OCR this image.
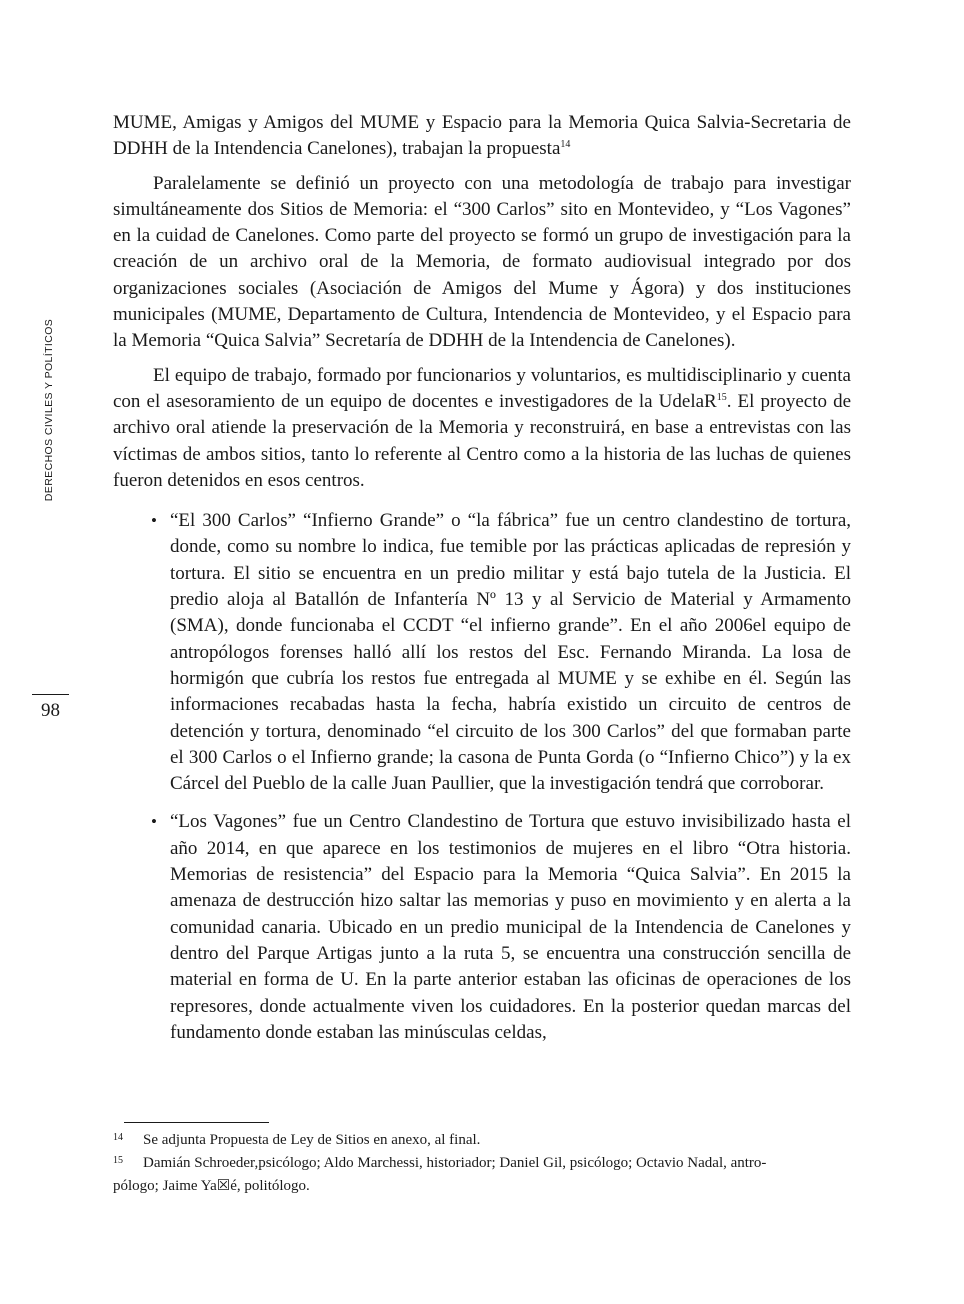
DERECHOS CIVILES Y POLÍTICOS
98

MUME, Amigas y Amigos del MUME y Espacio para la Memoria Quica Salvia-Secretaria de DDHH de la Intendencia Canelones), trabajan la propuesta$^{14}$

Paralelamente se definió un proyecto con una metodología de trabajo para investigar simultáneamente dos Sitios de Memoria: el “300 Carlos” sito en Montevideo, y “Los Vagones” en la cuidad de Canelones. Como parte del proyecto se formó un grupo de investigación para la creación de un archivo oral de la Memoria, de formato audiovisual integrado por dos organizaciones sociales (Asociación de Amigos del Mume y Ágora) y dos instituciones municipales (MUME, Departamento de Cultura, Intendencia de Montevideo, y el Espacio para la Memoria “Quica Salvia” Secretaría de DDHH de la Intendencia de Canelones).

El equipo de trabajo, formado por funcionarios y voluntarios, es multidisciplinario y cuenta con el asesoramiento de un equipo de docentes e investigadores de la UdelaR$^{15}$. El proyecto de archivo oral atiende la preservación de la Memoria y reconstruirá, en base a entrevistas con las víctimas de ambos sitios, tanto lo referente al Centro como a la historia de las luchas de quienes fueron detenidos en esos centros.

• “El 300 Carlos” “Infierno Grande” o “la fábrica” fue un centro clandestino de tortura, donde, como su nombre lo indica, fue temible por las prácticas aplicadas de represión y tortura. El sitio se encuentra en un predio militar y está bajo tutela de la Justicia. El predio aloja al Batallón de Infantería Nº 13 y al Servicio de Material y Armamento (SMA), donde funcionaba el CCDT “el infierno grande”. En el año 2006el equipo de antropólogos forenses halló allí los restos del Esc. Fernando Miranda. La losa de hormigón que cubría los restos fue entregada al MUME y se exhibe en él. Según las informaciones recabadas hasta la fecha, habría existido un circuito de centros de detención y tortura, denominado “el circuito de los 300 Carlos” del que formaban parte el 300 Carlos o el Infierno grande; la casona de Punta Gorda (o “Infierno Chico”) y la ex Cárcel del Pueblo de la calle Juan Paullier, que la investigación tendrá que corroborar.
• “Los Vagones” fue un Centro Clandestino de Tortura que estuvo invisibilizado hasta el año 2014, en que aparece en los testimonios de mujeres en el libro “Otra historia. Memorias de resistencia” del Espacio para la Memoria “Quica Salvia”. En 2015 la amenaza de destrucción hizo saltar las memorias y puso en movimiento y en alerta a la comunidad canaria. Ubicado en un predio municipal de la Intendencia de Canelones y dentro del Parque Artigas junto a la ruta 5, se encuentra una construcción sencilla de material en forma de U. En la parte anterior estaban las oficinas de operaciones de los represores, donde actualmente viven los cuidadores. En la posterior quedan marcas del fundamento donde estaban las minúsculas celdas,
14 Se adjunta Propuesta de Ley de Sitios en anexo, al final.
15 Damián Schroeder,psicólogo; Aldo Marchessi, historiador; Daniel Gil, psicólogo; Octavio Nadal, antro-
pólogo; Jaime Ya☒é, politólogo.
